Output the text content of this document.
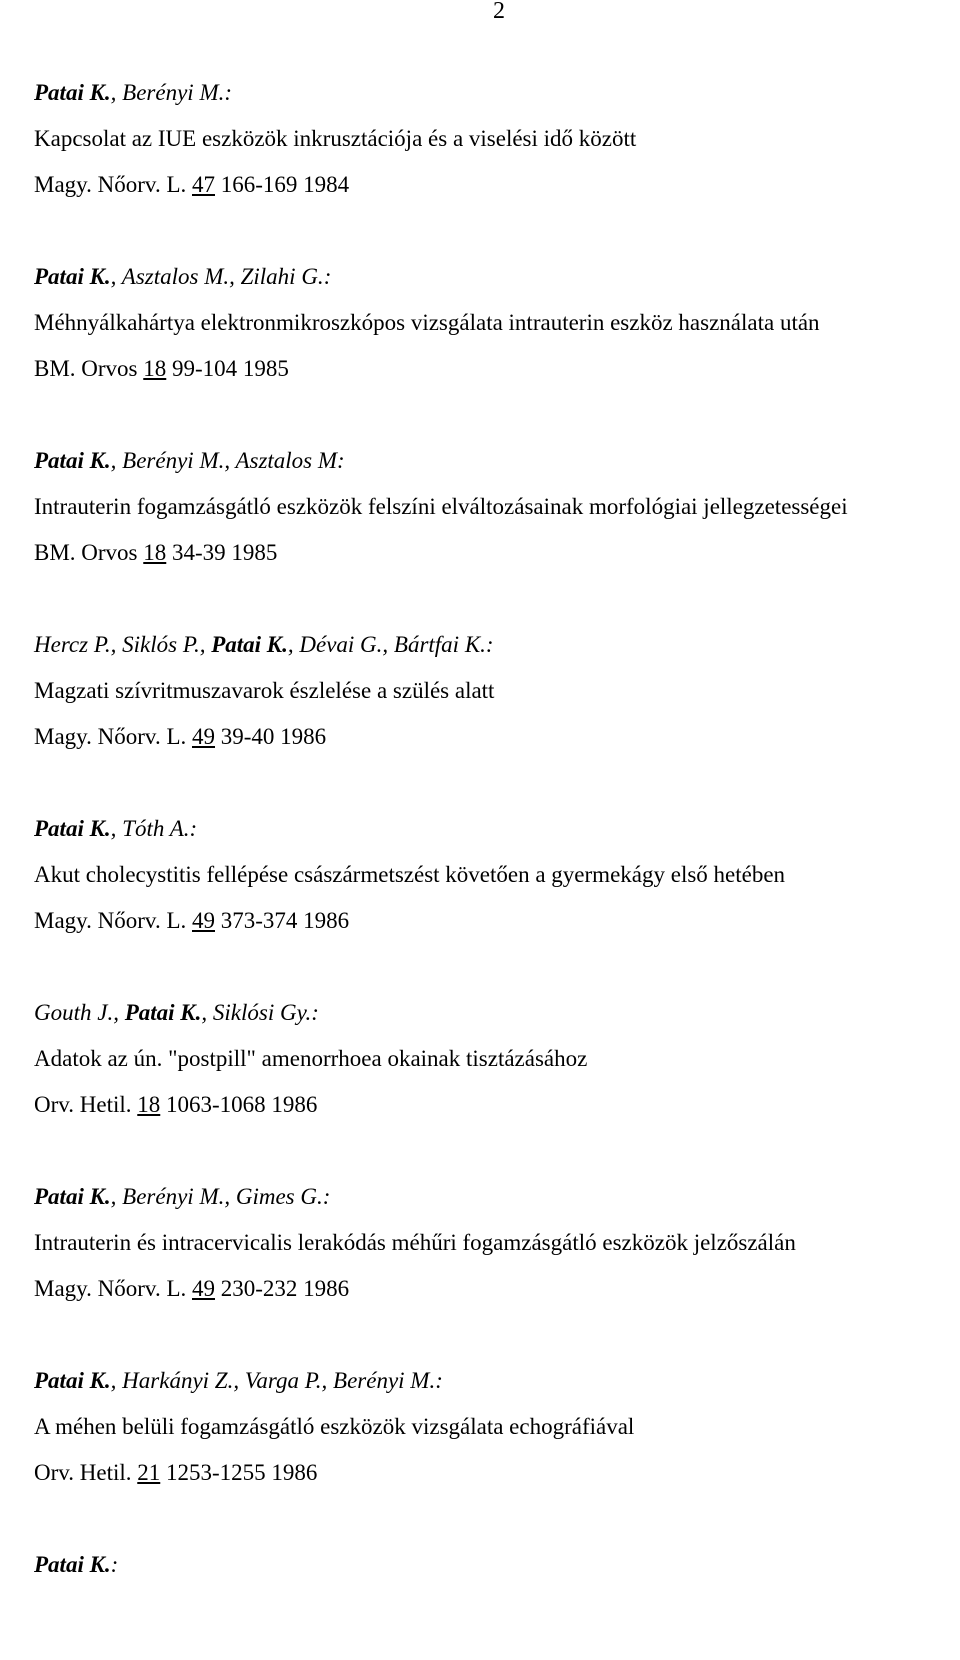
2
Patai K., Berényi M.:
Kapcsolat az IUE eszközök inkrusztációja és a viselési idő között
Magy. Nőorv. L. 47 166-169 1984
Patai K., Asztalos M., Zilahi G.:
Méhnyálkahártya elektronmikroszkópos vizsgálata intrauterin eszköz használata után
BM. Orvos 18 99-104 1985
Patai K., Berényi M., Asztalos M:
Intrauterin fogamzásgátló eszközök felszíni elváltozásainak morfológiai jellegzetességei
BM. Orvos 18 34-39 1985
Hercz P., Siklós P., Patai K., Dévai G., Bártfai K.:
Magzati szívritmuszavarok észlelése a szülés alatt
Magy. Nőorv. L. 49 39-40 1986
Patai K., Tóth A.:
Akut cholecystitis fellépése császármetszést követően a gyermekágy első hetében
Magy. Nőorv. L. 49 373-374 1986
Gouth J., Patai K., Siklósi Gy.:
Adatok az ún. "postpill" amenorrhoea okainak tisztázásához
Orv. Hetil. 18 1063-1068 1986
Patai K., Berényi M., Gimes G.:
Intrauterin és intracervicalis lerakódás méhűri fogamzásgátló eszközök jelzőszálán
Magy. Nőorv. L. 49 230-232 1986
Patai K., Harkányi Z., Varga P., Berényi M.:
A méhen belüli fogamzásgátló eszközök vizsgálata echográfiával
Orv. Hetil. 21 1253-1255 1986
Patai K.:
